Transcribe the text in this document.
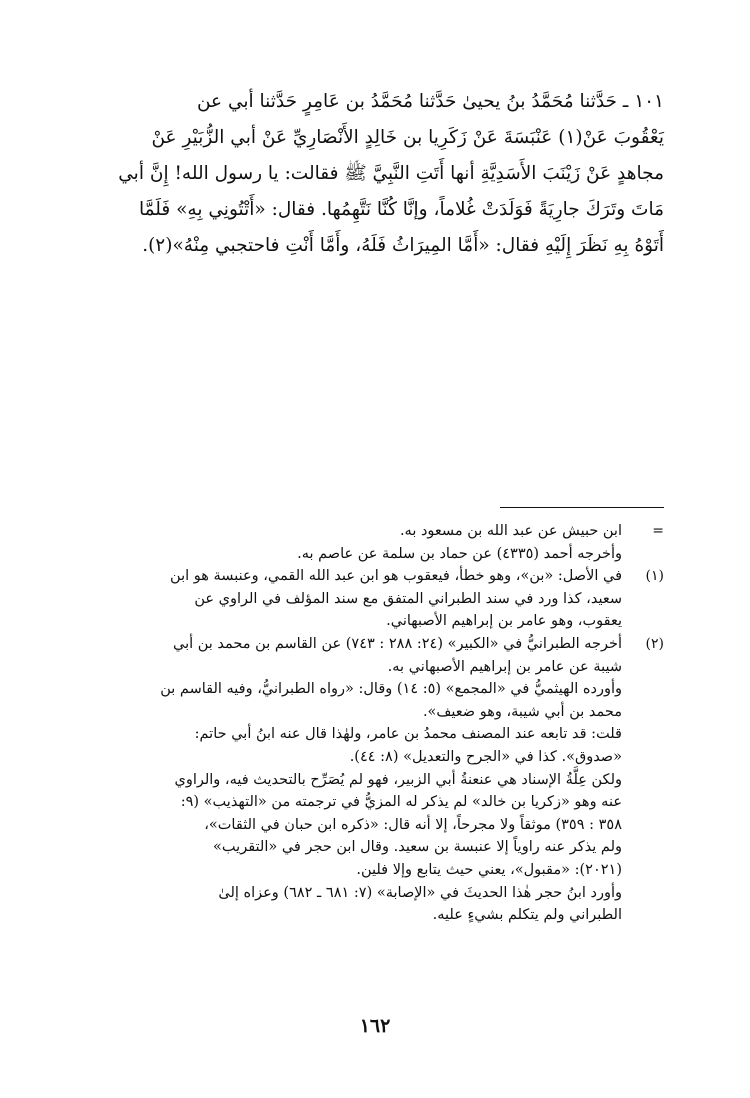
١٠١ ـ حَدَّثنا مُحَمَّدُ بنُ يحيىٰ حَدَّثنا مُحَمَّدُ بن عَامِرٍ حَدَّثنا أبي عن

يَعْقُوبَ عَنْ(١) عَنْبَسَةَ عَنْ زَكَرِيا بن خَالِدٍ الأَنْصَارِيِّ عَنْ أبي الزُّبَيْرِ عَنْ

مجاهدٍ عَنْ زَيْنَبَ الأَسَدِيَّةِ أنها أَتَتِ النَّبِيَّ ﷺ فقالت: يا رسول الله! إِنَّ أبي

مَاتَ وتَرَكَ جارِيَةً فَوَلَدَتْ غُلاماً، وإنَّا كُنَّا نَتَّهِمُها. فقال: «أَتْتُونِي بِهِ» فَلَمَّا

أَتَوْهُ بِهِ نَظَرَ إِلَيْهِ فقال: «أَمَّا المِيرَاثُ فَلَهُ، وأَمَّا أَنْتِ فاحتجبي مِنْهُ»(٢).

=
ابن حبيش عن عبد الله بن مسعود به.
وأخرجه أحمد (٤٣٣٥) عن حماد بن سلمة عن عاصم به.
(١)
في الأصل: «بن»، وهو خطأ، فيعقوب هو ابن عبد الله القمي، وعنبسة هو ابن
سعيد، كذا ورد في سند الطبراني المتفق مع سند المؤلف في الراوي عن
يعقوب، وهو عامر بن إبراهيم الأصبهاني.
(٢)
أخرجه الطبرانيُّ في «الكبير» (٢٤: ٢٨٨ : ٧٤٣) عن القاسم بن محمد بن أبي
شيبة عن عامر بن إبراهيم الأصبهاني به.
وأورده الهيثميُّ في «المجمع» (٥: ١٤) وقال: «رواه الطبرانيُّ، وفيه القاسم بن
محمد بن أبي شيبة، وهو ضعيف».
قلت: قد تابعه عند المصنف محمدُ بن عامر، ولهٰذا قال عنه ابنُ أبي حاتم:
«صدوق». كذا في «الجرح والتعديل» (٨: ٤٤).
ولكن عِلَّةُ الإسناد هي عنعنةُ أبي الزبير، فهو لم يُصَرِّح بالتحديث فيه، والراوي
عنه وهو «زكريا بن خالد» لم يذكر له المزيُّ في ترجمته من «التهذيب» (٩:
٣٥٨ : ٣٥٩) موثقاً ولا مجرحاً، إلا أنه قال: «ذكره ابن حبان في الثقات»،
ولم يذكر عنه راوياً إلا عنبسة بن سعيد. وقال ابن حجر في «التقريب»
(٢٠٢١): «مقبول»، يعني حيث يتابع وإلا فلين.
وأورد ابنُ حجر هٰذا الحديثَ في «الإصابة» (٧: ٦٨١ ـ ٦٨٢) وعزاه إلىٰ
الطبراني ولم يتكلم بشيءٍ عليه.
١٦٢
